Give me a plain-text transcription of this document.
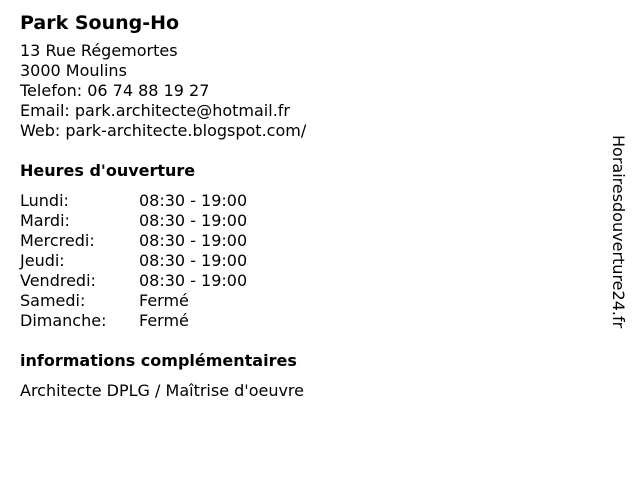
Park Soung-Ho
13 Rue Régemortes
3000 Moulins
Telefon: 06 74 88 19 27
Email: park.architecte@hotmail.fr
Web: park-architecte.blogspot.com/
Heures d'ouverture
Lundi:	08:30 - 19:00
Mardi:	08:30 - 19:00
Mercredi:	08:30 - 19:00
Jeudi:	08:30 - 19:00
Vendredi:	08:30 - 19:00
Samedi:	Fermé
Dimanche:	Fermé
informations complémentaires
Architecte DPLG / Maîtrise d'oeuvre
Horairesdouverture24.fr
